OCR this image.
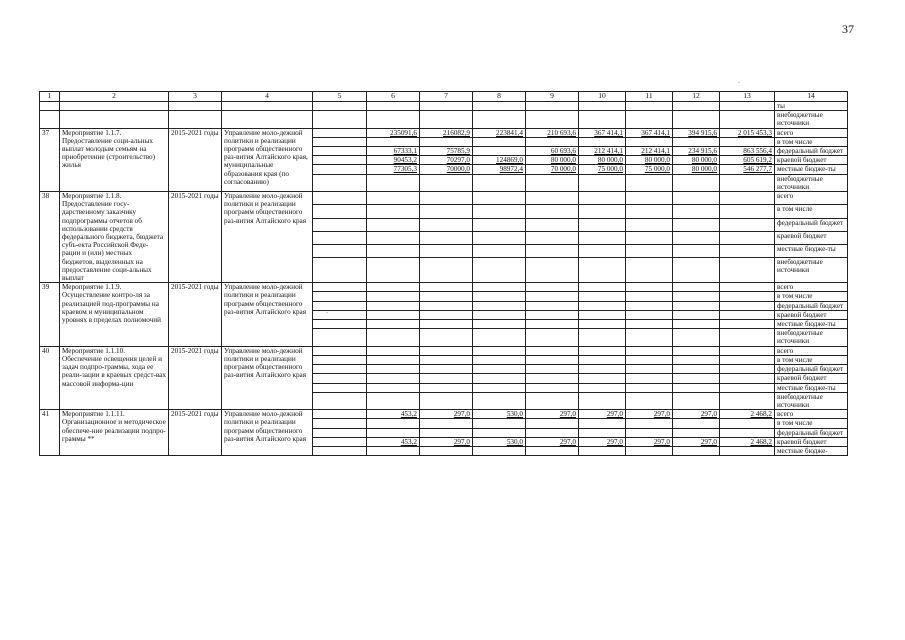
37
.
.
1	2	3	4	5	6	7	8	9	10	11	12	13	14
													ты
													внебюджетные источники
37	Мероприятие 1.1.7. Предоставление соци-альных выплат молодым семьям на приобретение (строительство) жилья	2015-2021 годы	Управление моло-дежной политики и реализации программ общественного раз-вития Алтайского края, муниципальные образования края (по согласованию)		235091,6	216082,9	223841,4	210 693,6	367 414,1	367 414,1	394 915,6	2 015 453,3	всего
													в том числе
					67333,1	75785,9		60 693,6	212 414,1	212 414,1	234 915,6	863 556,4	федеральный бюджет
					90453,2	70297,0	124869,0	80 000,0	80 000,0	80 000,0	80 000,0	605 619,2	краевой бюджет
					77305,3	70000,0	98972,4	70 000,0	75 000,0	75 000,0	80 000,0	546 277,7	местные бюдже-ты
													внебюджетные источники
38	Мероприятие 1.1.8. Предоставление госу-дарственному заказчику подпрограммы отчетов об использовании средств федерального бюджета, бюджета субъ-екта Российской Феде-рации и (или) местных бюджетов, выделенных на предоставление соци-альных выплат	2015-2021 годы	Управление моло-дежной политики и реализации программ общественного раз-вития Алтайского края										всего
													в том числе
													федеральный бюджет
													краевой бюджет
													местные бюдже-ты
													внебюджетные источники
39	Мероприятие 1.1.9. Осуществление контро-ля за реализацией под-программы на краевом и муниципальном уровнях в пределах полномочий	2015-2021 годы	Управление моло-дежной политики и реализации программ общественного раз-вития Алтайского края										всего
													в том числе
													федеральный бюджет
													краевой бюджет
													местные бюдже-ты
													внебюджетные источники
40	Мероприятие 1.1.10. Обеспечение освещения целей и задач подпро-граммы, хода ее реали-зации в краевых средст-вах массовой информа-ции	2015-2021 годы	Управление моло-дежной политики и реализации программ общественного раз-вития Алтайского края										всего
													в том числе
													федеральный бюджет
													краевой бюджет
													местные бюдже-ты
													внебюджетные источники
41	Мероприятие 1.1.11. Организационное и методическое обеспече-ние реализации подпро-граммы **	2015-2021 годы	Управление моло-дежной политики и реализации программ общественного раз-вития Алтайского края		453,2	297,0	530,0	297,0	297,0	297,0	297,0	2 468,2	всего
													в том числе
													федеральный бюджет
					453,2	297,0	530,0	297,0	297,0	297,0	297,0	2 468,2	краевой бюджет
													местные бюдже-
